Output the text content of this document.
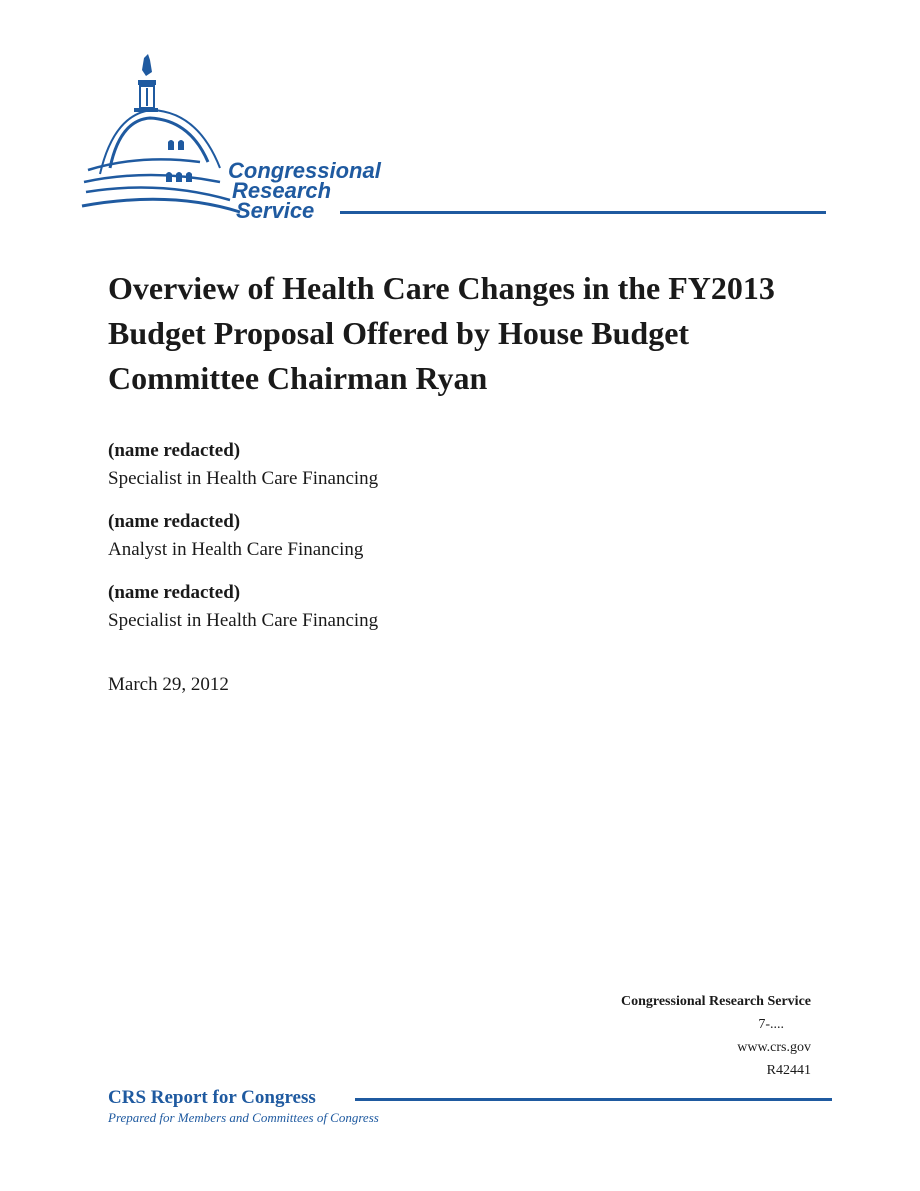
Congressional
Research
Service
Overview of Health Care Changes in the FY2013 Budget Proposal Offered by House Budget Committee Chairman Ryan
(name redacted)
Specialist in Health Care Financing
(name redacted)
Analyst in Health Care Financing
(name redacted)
Specialist in Health Care Financing
March 29, 2012
Congressional Research Service
7-....
www.crs.gov
R42441
CRS Report for Congress
Prepared for Members and Committees of Congress
